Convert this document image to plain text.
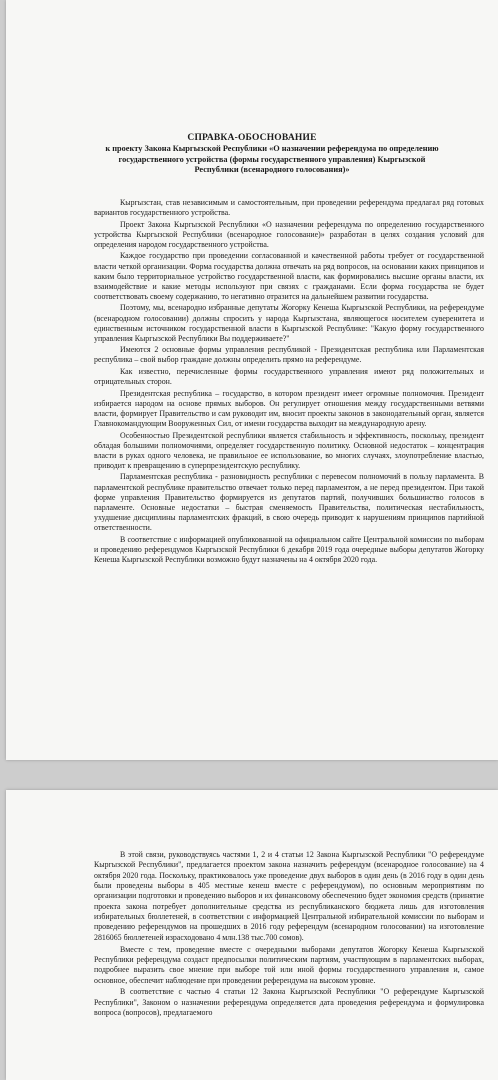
СПРАВКА-ОБОСНОВАНИЕ
к проекту Закона Кыргызской Республики «О назначении референдума по определению государственного устройства (формы государственного управления) Кыргызской Республики (всенародного голосования)»

Кыргызстан, став независимым и самостоятельным, при проведении референдума предлагал ряд готовых вариантов государственного устройства.

Проект Закона Кыргызской Республики «О назначении референдума по определению государственного устройства Кыргызской Республики (всенародное голосование)» разработан в целях создания условий для определения народом государственного устройства.

Каждое государство при проведении согласованной и качественной работы требует от государственной власти четкой организации. Форма государства должна отвечать на ряд вопросов, на основании каких принципов и каким было территориальное устройство государственной власти, как формировались высшие органы власти, их взаимодействие и какие методы используют при связях с гражданами. Если форма государства не будет соответствовать своему содержанию, то негативно отразится на дальнейшем развитии государства.

Поэтому, мы, всенародно избранные депутаты Жогорку Кенеша Кыргызской Республики, на референдуме (всенародном голосовании) должны спросить у народа Кыргызстана, являющегося носителем суверенитета и единственным источником государственной власти в Кыргызской Республике: "Какую форму государственного управления Кыргызской Республики Вы поддерживаете?"

Имеются 2 основные формы управления республикой - Президентская республика или Парламентская республика – свой выбор граждане должны определить прямо на референдуме.

Как известно, перечисленные формы государственного управления имеют ряд положительных и отрицательных сторон.

Президентская республика – государство, в котором президент имеет огромные полномочия. Президент избирается народом на основе прямых выборов. Он регулирует отношения между государственными ветвями власти, формирует Правительство и сам руководит им, вносит проекты законов в законодательный орган, является Главнокомандующим Вооруженных Сил, от имени государства выходит на международную арену.

Особенностью Президентской республики является стабильность и эффективность, поскольку, президент обладая большими полномочиями, определяет государственную политику. Основной недостаток – концентрация власти в руках одного человека, не правильное ее использование, во многих случаях, злоупотребление властью, приводит к превращению в суперпрезидентскую республику.

Парламентская республика - разновидность республики с перевесом полномочий в пользу парламента. В парламентской республике правительство отвечает только перед парламентом, а не перед президентом. При такой форме управления Правительство формируется из депутатов партий, получивших большинство голосов в парламенте. Основные недостатки – быстрая сменяемость Правительства, политическая нестабильность, ухудшение дисциплины парламентских фракций, в свою очередь приводит к нарушениям принципов партийной ответственности.

В соответствие с информацией опубликованной на официальном сайте Центральной комиссии по выборам и проведению референдумов Кыргызской Республики 6 декабря 2019 года очередные выборы депутатов Жогорку Кенеша Кыргызской Республики возможно будут назначены на 4 октября 2020 года.

В этой связи, руководствуясь частями 1, 2 и 4 статьи 12 Закона Кыргызской Республики "О референдуме Кыргызской Республики", предлагается проектом закона назначить референдум (всенародное голосование) на 4 октября 2020 года. Поскольку, практиковалось уже проведение двух выборов в один день (в 2016 году в один день были проведены выборы в 405 местные кенеш вместе с референдумом), по основным мероприятиям по организации подготовки и проведению выборов и их финансовому обеспечению будет экономия средств (принятие проекта закона потребует дополнительные средства из республиканского бюджета лишь для изготовления избирательных бюллетеней, в соответствии с информацией Центральной избирательной комиссии по выборам и проведению референдумов на прошедших в 2016 году референдум (всенародном голосовании) на изготовление 2816065 бюллетеней израсходовано 4 млн.138 тыс.700 сомов).

Вместе с тем, проведение вместе с очередными выборами депутатов Жогорку Кенеша Кыргызской Республики референдума создаст предпосылки политическим партиям, участвующим в парламентских выборах, подробнее выразить свое мнение при выборе той или иной формы государственного управления и, самое основное, обеспечит наблюдение при проведении референдума на высоком уровне.

В соответствие с частью 4 статьи 12 Закона Кыргызской Республики "О референдуме Кыргызской Республики", Законом о назначении референдума определяется дата проведения референдума и формулировка вопроса (вопросов), предлагаемого
